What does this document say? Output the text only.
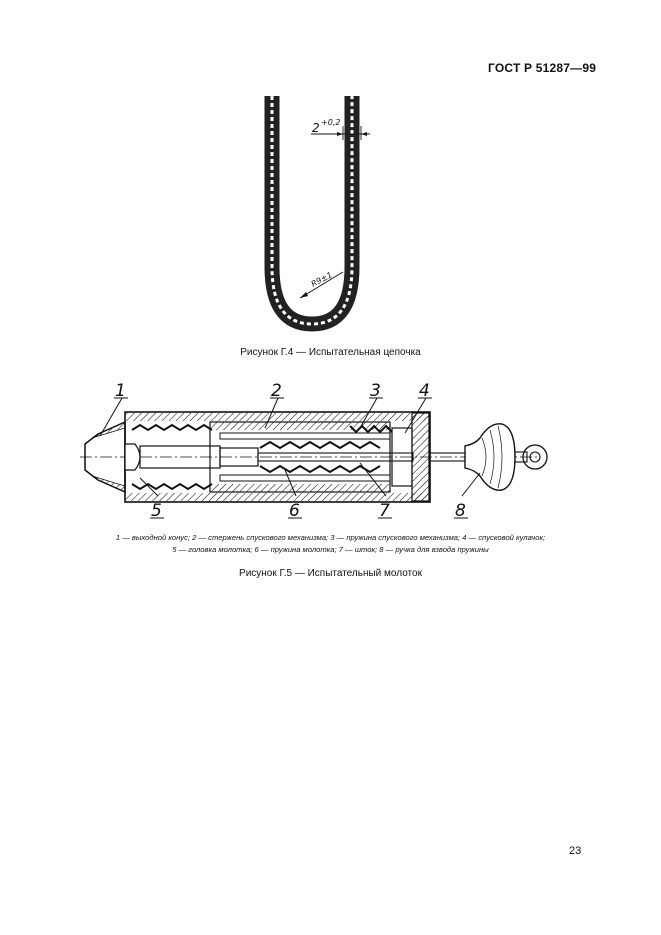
ГОСТ Р 51287—99
2 +0,2
R9±1
Рисунок Г.4 — Испытательная цепочка
1	2	3 4
5	6	7	8
1 — выходной конус; 2 — стержень спускового механизма; 3 — пружина спускового механизма; 4 — спусковой кулачок;
5 — головка молотка; 6 — пружина молотка; 7 — шток; 8 — ручка для взвода пружины
Рисунок Г.5 — Испытательный молоток
23
